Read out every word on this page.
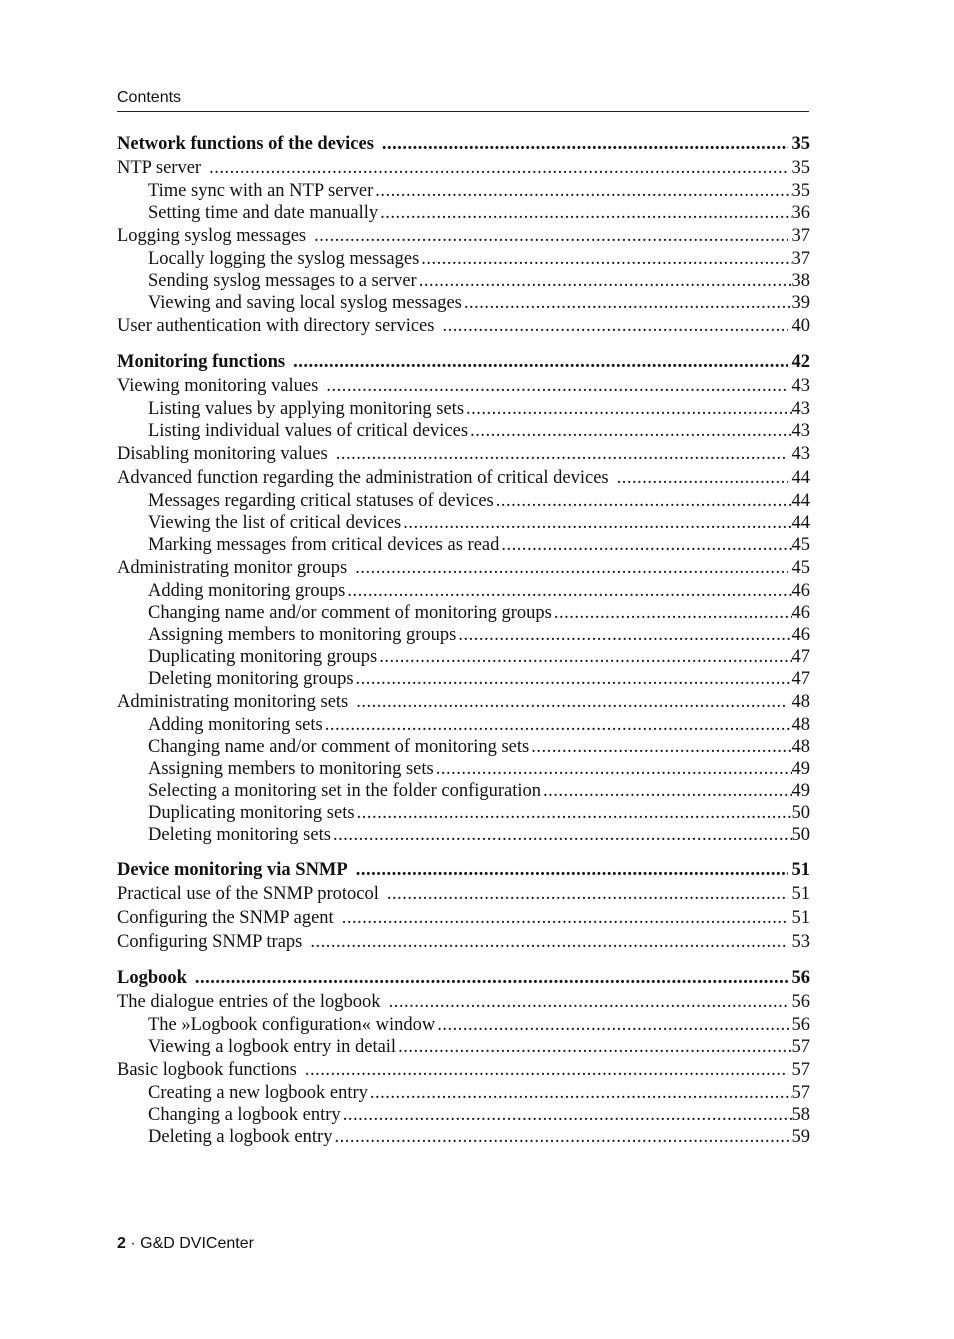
Contents
Network functions of the devices .....	35
NTP server .....	35
Time sync with an NTP server .....	35
Setting time and date manually .....	36
Logging syslog messages .....	37
Locally logging the syslog messages .....	37
Sending syslog messages to a server .....	38
Viewing and saving local syslog messages .....	39
User authentication with directory services .....	40
Monitoring functions .....	42
Viewing monitoring values .....	43
Listing values by applying monitoring sets .....	43
Listing individual values of critical devices .....	43
Disabling monitoring values .....	43
Advanced function regarding the administration of critical devices .....	44
Messages regarding critical statuses of devices .....	44
Viewing the list of critical devices .....	44
Marking messages from critical devices as read .....	45
Administrating monitor groups .....	45
Adding monitoring groups .....	46
Changing name and/or comment of monitoring groups .....	46
Assigning members to monitoring groups .....	46
Duplicating monitoring groups .....	47
Deleting monitoring groups .....	47
Administrating monitoring sets .....	48
Adding monitoring sets .....	48
Changing name and/or comment of monitoring sets .....	48
Assigning members to monitoring sets .....	49
Selecting a monitoring set in the folder configuration .....	49
Duplicating monitoring sets .....	50
Deleting monitoring sets .....	50
Device monitoring via SNMP .....	51
Practical use of the SNMP protocol .....	51
Configuring the SNMP agent .....	51
Configuring SNMP traps .....	53
Logbook .....	56
The dialogue entries of the logbook .....	56
The »Logbook configuration« window .....	56
Viewing a logbook entry in detail .....	57
Basic logbook functions .....	57
Creating a new logbook entry .....	57
Changing a logbook entry .....	58
Deleting a logbook entry .....	59
2 · G&D DVICenter
